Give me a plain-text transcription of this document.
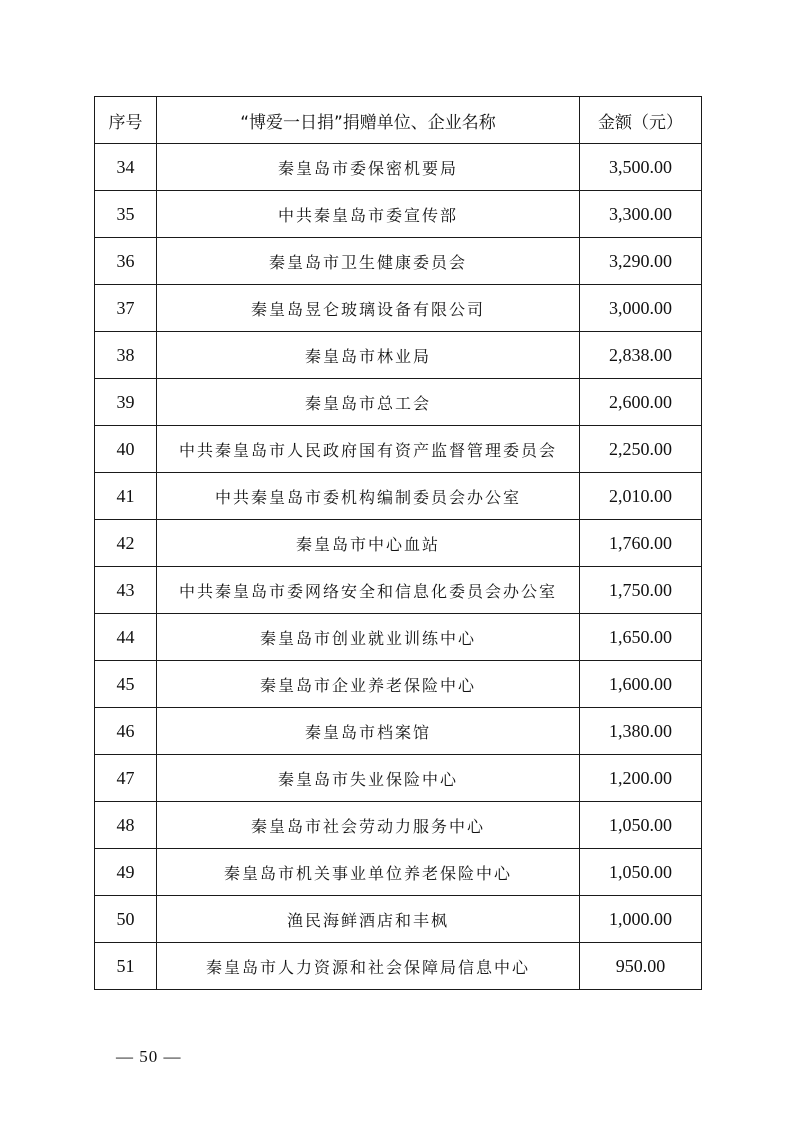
序号	“博爱一日捐”捐赠单位、企业名称	金额（元）
34	秦皇岛市委保密机要局	3,500.00
35	中共秦皇岛市委宣传部	3,300.00
36	秦皇岛市卫生健康委员会	3,290.00
37	秦皇岛昱仑玻璃设备有限公司	3,000.00
38	秦皇岛市林业局	2,838.00
39	秦皇岛市总工会	2,600.00
40	中共秦皇岛市人民政府国有资产监督管理委员会	2,250.00
41	中共秦皇岛市委机构编制委员会办公室	2,010.00
42	秦皇岛市中心血站	1,760.00
43	中共秦皇岛市委网络安全和信息化委员会办公室	1,750.00
44	秦皇岛市创业就业训练中心	1,650.00
45	秦皇岛市企业养老保险中心	1,600.00
46	秦皇岛市档案馆	1,380.00
47	秦皇岛市失业保险中心	1,200.00
48	秦皇岛市社会劳动力服务中心	1,050.00
49	秦皇岛市机关事业单位养老保险中心	1,050.00
50	渔民海鲜酒店和丰枫	1,000.00
51	秦皇岛市人力资源和社会保障局信息中心	950.00
— 50 —
